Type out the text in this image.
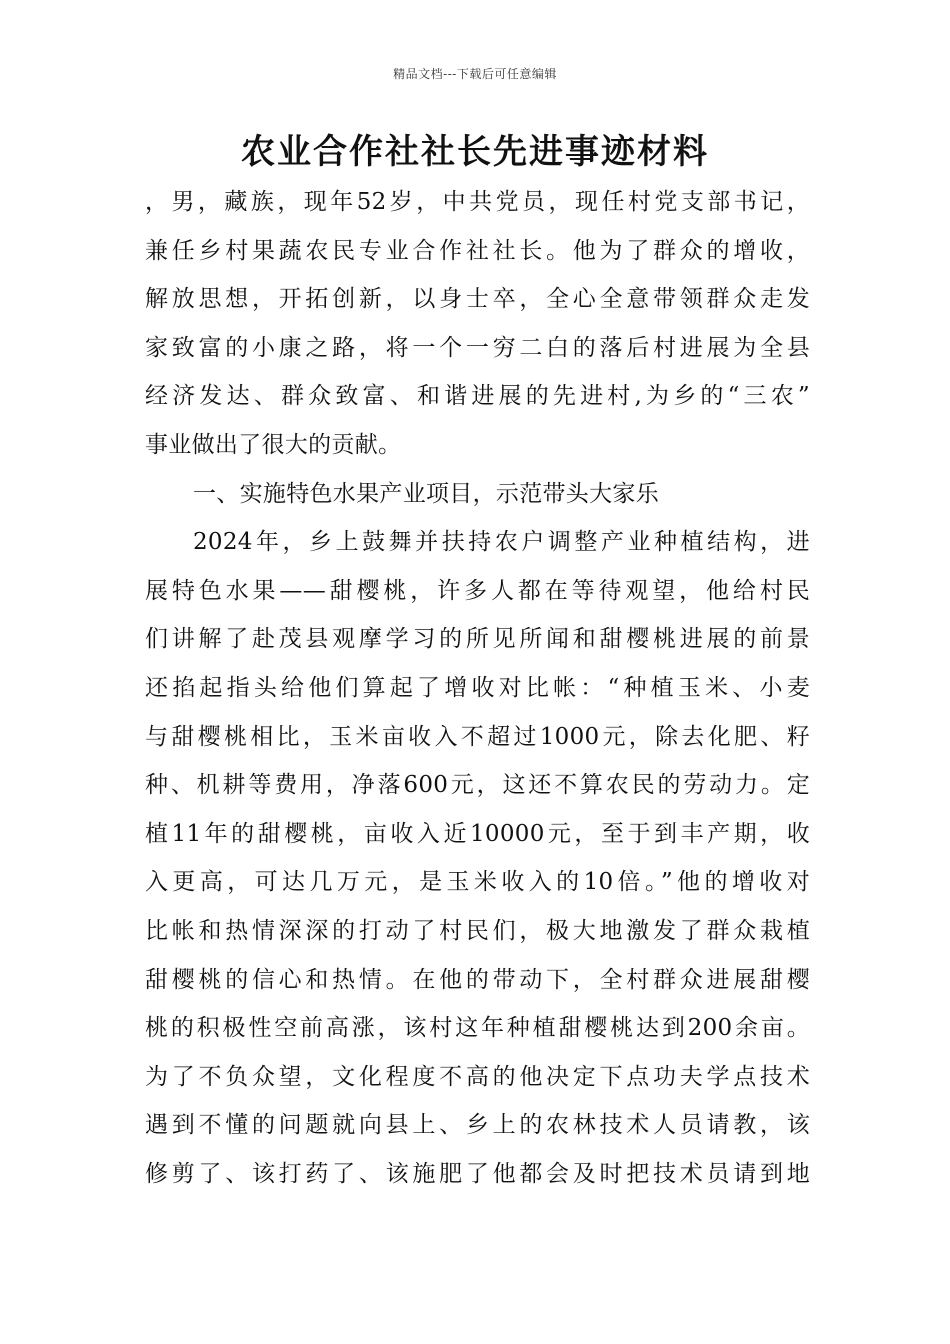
精品文档---下载后可任意编辑
农业合作社社长先进事迹材料
，男，藏族，现年52岁，中共党员，现任村党支部书记，
兼任乡村果蔬农民专业合作社社长。他为了群众的增收，
解放思想，开拓创新，以身士卒，全心全意带领群众走发
家致富的小康之路，将一个一穷二白的落后村进展为全县
经济发达、群众致富、和谐进展的先进村,为乡的“三农”
事业做出了很大的贡献。
一、实施特色水果产业项目，示范带头大家乐
2024年，乡上鼓舞并扶持农户调整产业种植结构，进
展特色水果——甜樱桃，许多人都在等待观望，他给村民
们讲解了赴茂县观摩学习的所见所闻和甜樱桃进展的前景
还掐起指头给他们算起了增收对比帐：“种植玉米、小麦
与甜樱桃相比，玉米亩收入不超过1000元，除去化肥、籽
种、机耕等费用，净落600元，这还不算农民的劳动力。定
植11年的甜樱桃，亩收入近10000元，至于到丰产期，收
入更高，可达几万元，是玉米收入的10倍。”他的增收对
比帐和热情深深的打动了村民们，极大地激发了群众栽植
甜樱桃的信心和热情。在他的带动下，全村群众进展甜樱
桃的积极性空前高涨，该村这年种植甜樱桃达到200余亩。
为了不负众望，文化程度不高的他决定下点功夫学点技术
遇到不懂的问题就向县上、乡上的农林技术人员请教，该
修剪了、该打药了、该施肥了他都会及时把技术员请到地
